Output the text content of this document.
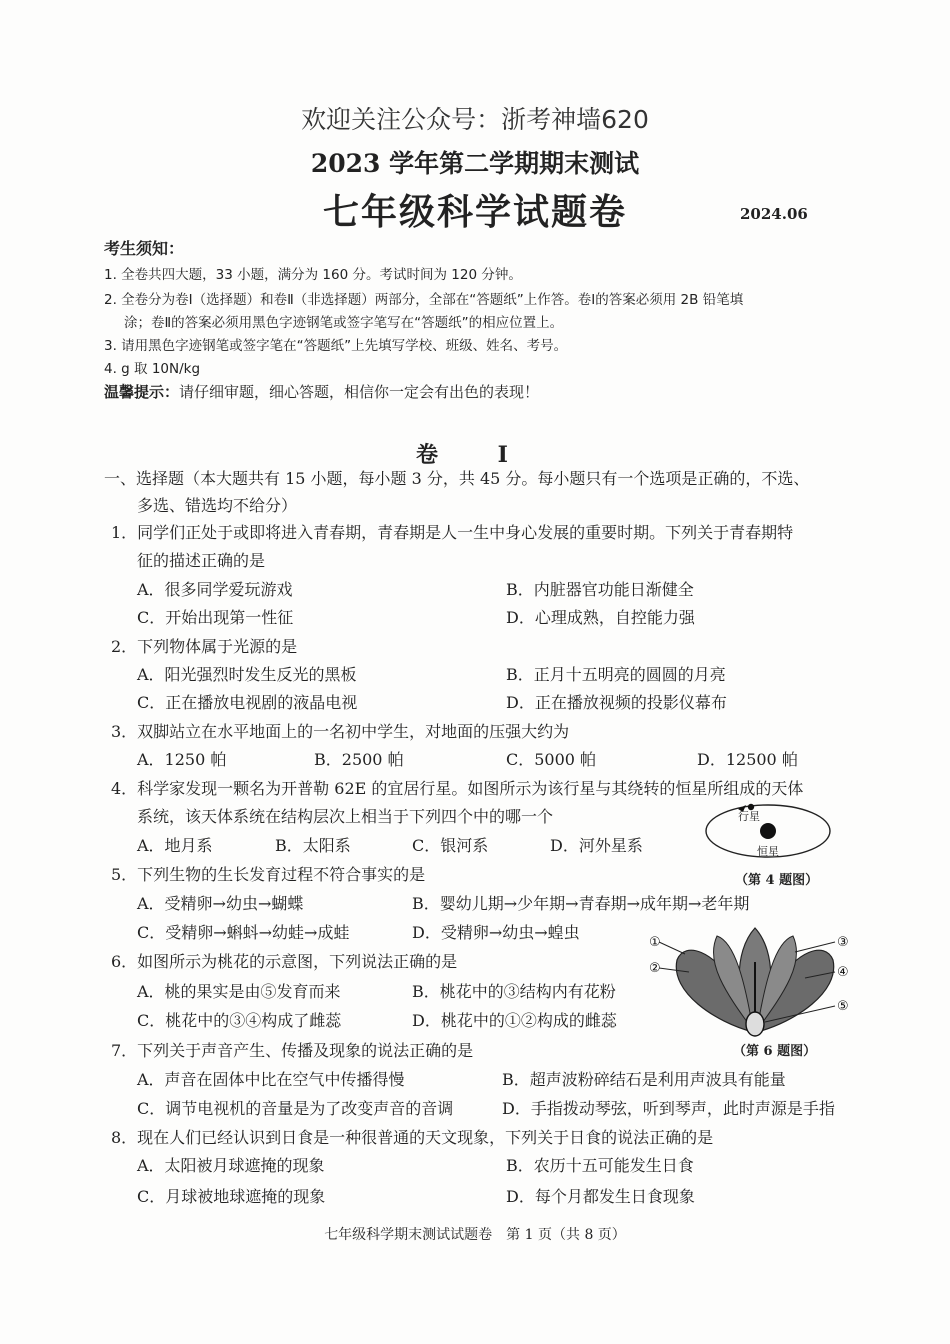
欢迎关注公众号：浙考神墙620
2023 学年第二学期期末测试
七年级科学试题卷	2024.06
考生须知：
1. 全卷共四大题，33 小题，满分为 160 分。考试时间为 120 分钟。
2. 全卷分为卷Ⅰ（选择题）和卷Ⅱ（非选择题）两部分，全部在“答题纸”上作答。卷Ⅰ的答案必须用 2B 铅笔填
涂；卷Ⅱ的答案必须用黑色字迹钢笔或签字笔写在“答题纸”的相应位置上。
3. 请用黑色字迹钢笔或签字笔在“答题纸”上先填写学校、班级、姓名、考号。
4. g 取 10N/kg
温馨提示：请仔细审题，细心答题，相信你一定会有出色的表现！
卷 Ⅰ
一、选择题（本大题共有 15 小题，每小题 3 分，共 45 分。每小题只有一个选项是正确的，不选、
多选、错选均不给分）
1．同学们正处于或即将进入青春期，青春期是人一生中身心发展的重要时期。下列关于青春期特
征的描述正确的是
A．很多同学爱玩游戏	B．内脏器官功能日渐健全
C．开始出现第一性征	D．心理成熟，自控能力强
2．下列物体属于光源的是
A．阳光强烈时发生反光的黑板	B．正月十五明亮的圆圆的月亮
C．正在播放电视剧的液晶电视	D．正在播放视频的投影仪幕布
3．双脚站立在水平地面上的一名初中学生，对地面的压强大约为
A．1250 帕	B．2500 帕	C．5000 帕	D．12500 帕
4．科学家发现一颗名为开普勒 62E 的宜居行星。如图所示为该行星与其绕转的恒星所组成的天体
系统，该天体系统在结构层次上相当于下列四个中的哪一个
A．地月系	B．太阳系	C．银河系	D．河外星系
行星
恒星
（第 4 题图）
5．下列生物的生长发育过程不符合事实的是
A．受精卵→幼虫→蝴蝶	B．婴幼儿期→少年期→青春期→成年期→老年期
C．受精卵→蝌蚪→幼蛙→成蛙	D．受精卵→幼虫→蝗虫
6．如图所示为桃花的示意图，下列说法正确的是
A．桃的果实是由⑤发育而来	B．桃花中的③结构内有花粉
C．桃花中的③④构成了雌蕊	D．桃花中的①②构成的雌蕊
①
②
③
④
⑤
（第 6 题图）
7．下列关于声音产生、传播及现象的说法正确的是
A．声音在固体中比在空气中传播得慢	B．超声波粉碎结石是利用声波具有能量
C．调节电视机的音量是为了改变声音的音调	D．手指拨动琴弦，听到琴声，此时声源是手指
8．现在人们已经认识到日食是一种很普通的天文现象，下列关于日食的说法正确的是
A．太阳被月球遮掩的现象	B．农历十五可能发生日食
C．月球被地球遮掩的现象	D．每个月都发生日食现象
七年级科学期末测试试题卷　第 1 页（共 8 页）
